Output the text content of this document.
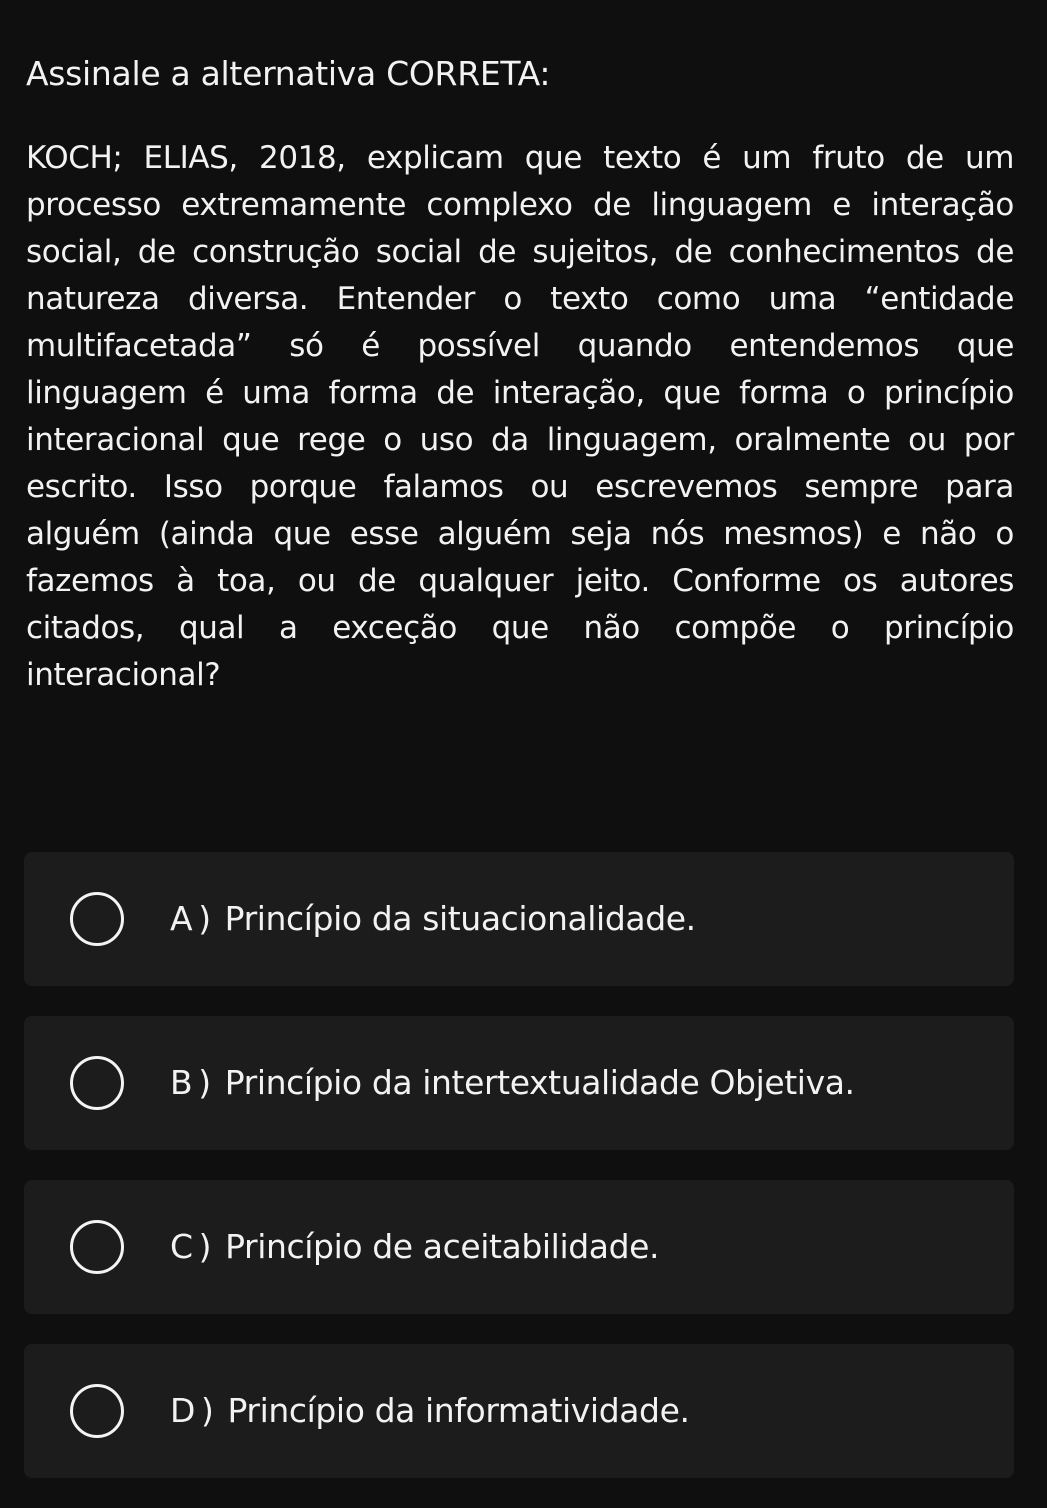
Assinale a alternativa CORRETA:
KOCH; ELIAS, 2018, explicam que texto é um fruto de um processo extremamente complexo de linguagem e interação social, de construção social de sujeitos, de conhecimentos de natureza diversa. Entender o texto como uma “entidade multifacetada” só é possível quando entendemos que linguagem é uma forma de interação, que forma o princípio interacional que rege o uso da linguagem, oralmente ou por escrito. Isso porque falamos ou escrevemos sempre para alguém (ainda que esse alguém seja nós mesmos) e não o fazemos à toa, ou de qualquer jeito. Conforme os autores citados, qual a exceção que não compõe o princípio interacional?
A ) Princípio da situacionalidade.
B ) Princípio da intertextualidade Objetiva.
C ) Princípio de aceitabilidade.
D ) Princípio da informatividade.
